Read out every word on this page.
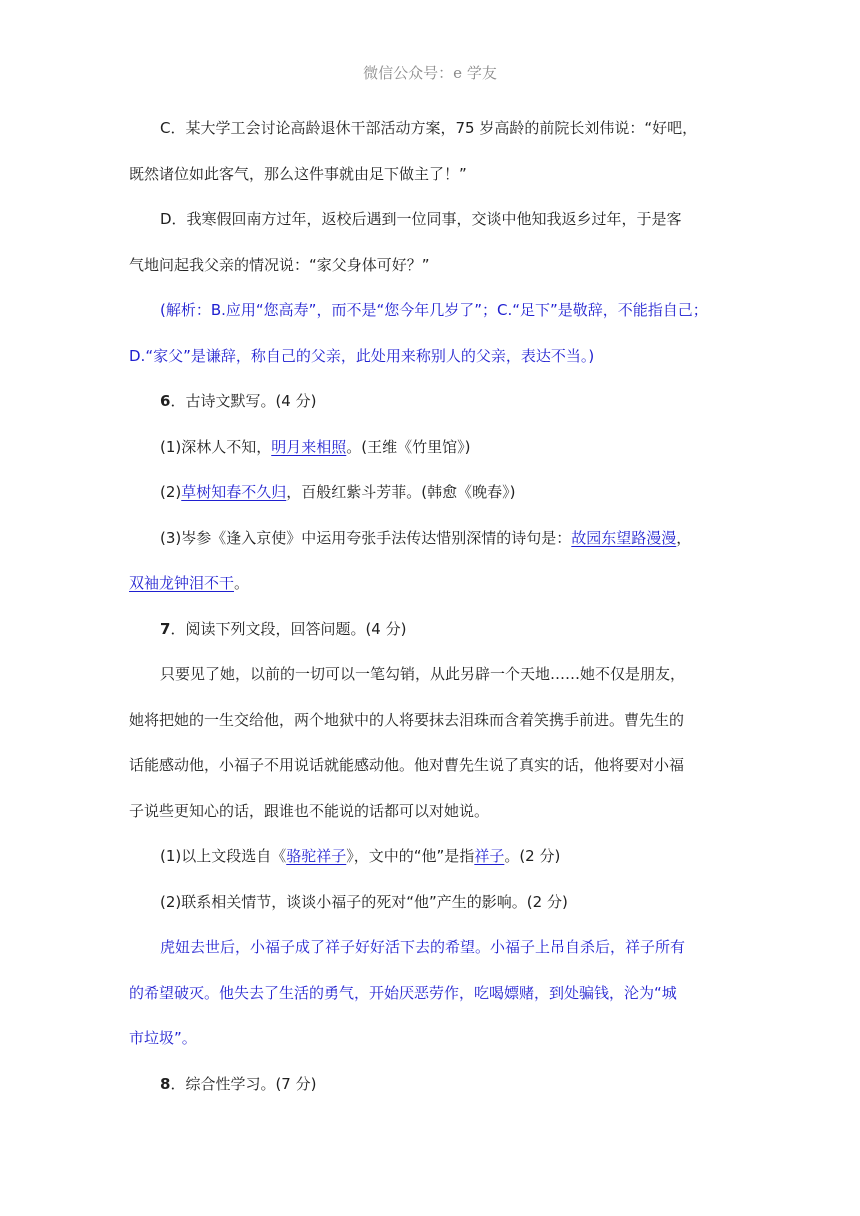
微信公众号：e 学友

C．某大学工会讨论高龄退休干部活动方案，75 岁高龄的前院长刘伟说：“好吧，

既然诸位如此客气，那么这件事就由足下做主了！”

D．我寒假回南方过年，返校后遇到一位同事，交谈中他知我返乡过年，于是客

气地问起我父亲的情况说：“家父身体可好？”

(解析：B.应用“您高寿”，而不是“您今年几岁了”；C.“足下”是敬辞，不能指自己；

D.“家父”是谦辞，称自己的父亲，此处用来称别人的父亲，表达不当。)

6．古诗文默写。(4 分)

(1)深林人不知，明月来相照。(王维《竹里馆》)

(2)草树知春不久归，百般红紫斗芳菲。(韩愈《晚春》)

(3)岑参《逢入京使》中运用夸张手法传达惜别深情的诗句是：故园东望路漫漫，

双袖龙钟泪不干。

7．阅读下列文段，回答问题。(4 分)

只要见了她，以前的一切可以一笔勾销，从此另辟一个天地……她不仅是朋友，

她将把她的一生交给他，两个地狱中的人将要抹去泪珠而含着笑携手前进。曹先生的

话能感动他，小福子不用说话就能感动他。他对曹先生说了真实的话，他将要对小福

子说些更知心的话，跟谁也不能说的话都可以对她说。

(1)以上文段选自《骆驼祥子》，文中的“他”是指祥子。(2 分)

(2)联系相关情节，谈谈小福子的死对“他”产生的影响。(2 分)

虎妞去世后，小福子成了祥子好好活下去的希望。小福子上吊自杀后，祥子所有

的希望破灭。他失去了生活的勇气，开始厌恶劳作，吃喝嫖赌，到处骗钱，沦为“城

市垃圾”。

8．综合性学习。(7 分)
